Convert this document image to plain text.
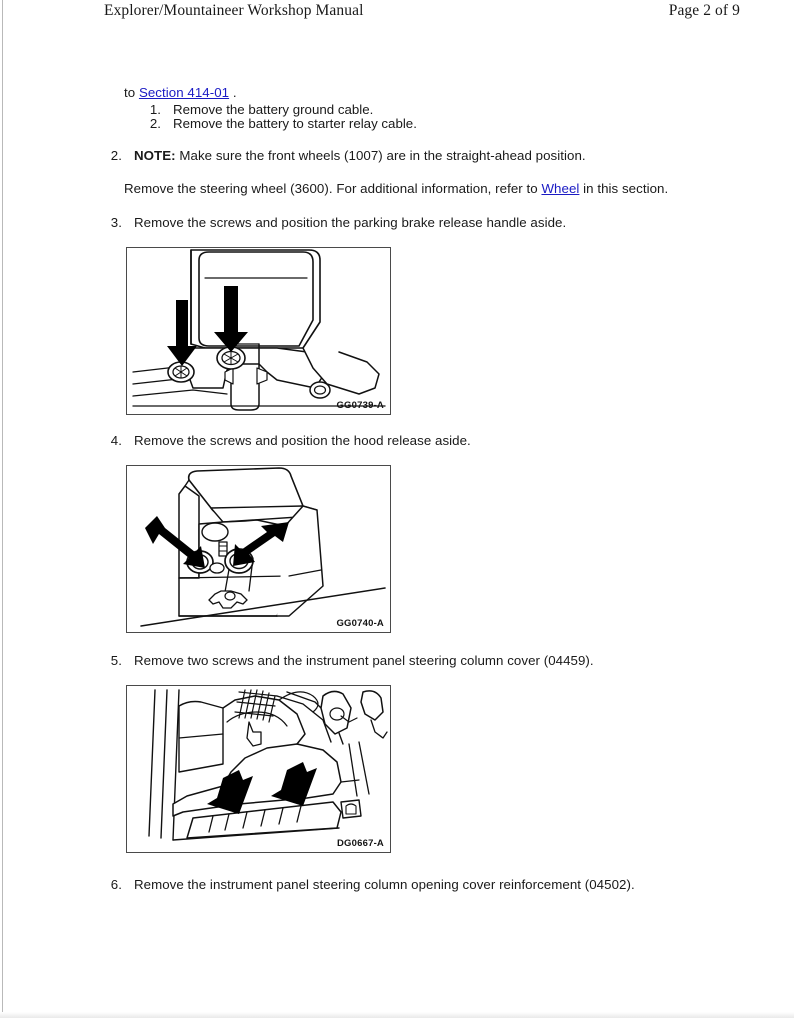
Explorer/Mountaineer Workshop Manual	Page 2 of 9
to Section 414-01 .
1. Remove the battery ground cable.
2. Remove the battery to starter relay cable.
2. NOTE: Make sure the front wheels (1007) are in the straight-ahead position.
Remove the steering wheel (3600). For additional information, refer to Wheel in this section.
3. Remove the screws and position the parking brake release handle aside.
GG0739-A
4. Remove the screws and position the hood release aside.
GG0740-A
5. Remove two screws and the instrument panel steering column cover (04459).
DG0667-A
6. Remove the instrument panel steering column opening cover reinforcement (04502).
